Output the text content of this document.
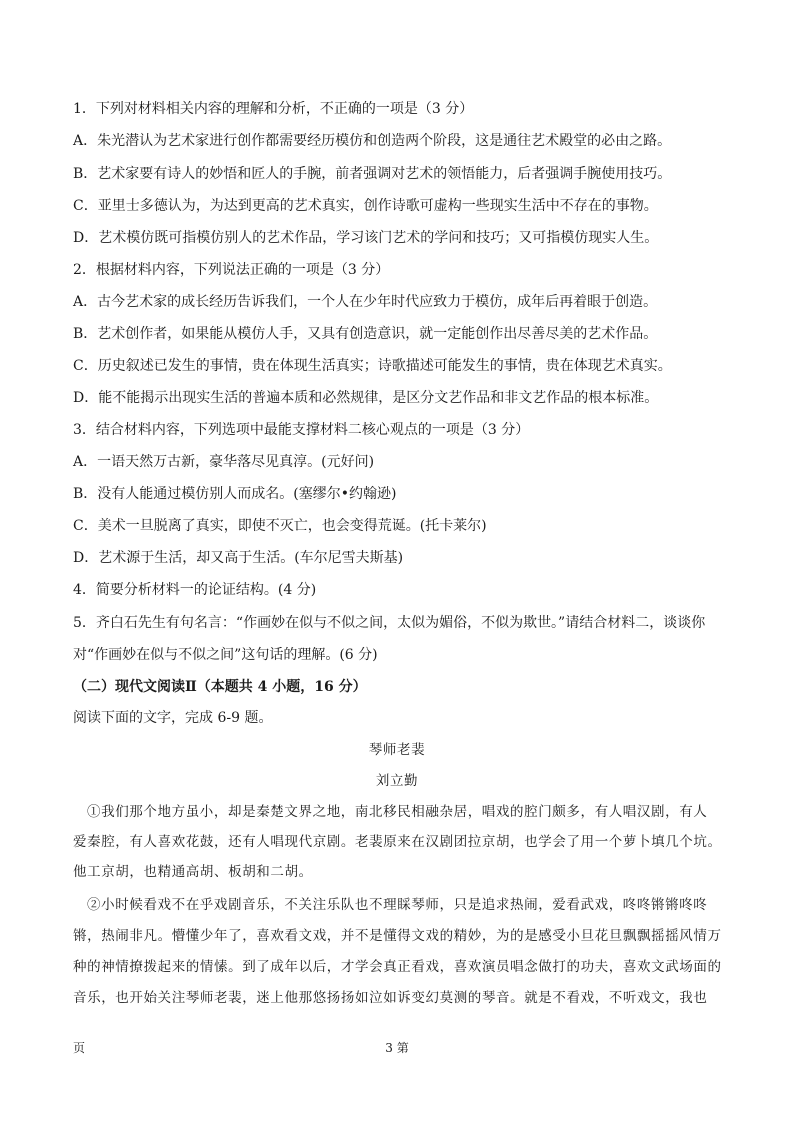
1．下列对材料相关内容的理解和分析，不正确的一项是（3 分）
A．朱光潜认为艺术家进行创作都需要经历模仿和创造两个阶段，这是通往艺术殿堂的必由之路。
B．艺术家要有诗人的妙悟和匠人的手腕，前者强调对艺术的领悟能力，后者强调手腕使用技巧。
C．亚里士多德认为，为达到更高的艺术真实，创作诗歌可虚构一些现实生活中不存在的事物。
D．艺术模仿既可指模仿别人的艺术作品，学习该门艺术的学问和技巧；又可指模仿现实人生。
2．根据材料内容，下列说法正确的一项是（3 分）
A．古今艺术家的成长经历告诉我们，一个人在少年时代应致力于模仿，成年后再着眼于创造。
B．艺术创作者，如果能从模仿人手，又具有创造意识，就一定能创作出尽善尽美的艺术作品。
C．历史叙述已发生的事情，贵在体现生活真实；诗歌描述可能发生的事情，贵在体现艺术真实。
D．能不能揭示出现实生活的普遍本质和必然规律，是区分文艺作品和非文艺作品的根本标准。
3．结合材料内容，下列选项中最能支撑材料二核心观点的一项是（3 分）
A．一语天然万古新，豪华落尽见真淳。(元好问)
B．没有人能通过模仿别人而成名。(塞缪尔•约翰逊)
C．美术一旦脱离了真实，即使不灭亡，也会变得荒诞。(托卡莱尔)
D．艺术源于生活，却又高于生活。(车尔尼雪夫斯基)
4．简要分析材料一的论证结构。(4 分)
5．齐白石先生有句名言：“作画妙在似与不似之间，太似为媚俗，不似为欺世。”请结合材料二，谈谈你
对“作画妙在似与不似之间”这句话的理解。(6 分)
（二）现代文阅读Ⅱ（本题共 4 小题，16 分）
阅读下面的文字，完成 6-9 题。
琴师老裴
刘立勤
①我们那个地方虽小，却是秦楚文界之地，南北移民相融杂居，唱戏的腔门颇多，有人唱汉剧，有人
爱秦腔，有人喜欢花鼓，还有人唱现代京剧。老裴原来在汉剧团拉京胡，也学会了用一个萝卜填几个坑。
他工京胡，也精通高胡、板胡和二胡。
②小时候看戏不在乎戏剧音乐，不关注乐队也不理睬琴师，只是追求热闹，爱看武戏，咚咚锵锵咚咚
锵，热闹非凡。懵懂少年了，喜欢看文戏，并不是懂得文戏的精妙，为的是感受小旦花旦飘飘摇摇风情万
种的神情撩拨起来的情愫。到了成年以后，才学会真正看戏，喜欢演员唱念做打的功夫，喜欢文武场面的
音乐，也开始关注琴师老裴，迷上他那悠扬扬如泣如诉变幻莫测的琴音。就是不看戏，不听戏文，我也
页	3 第
